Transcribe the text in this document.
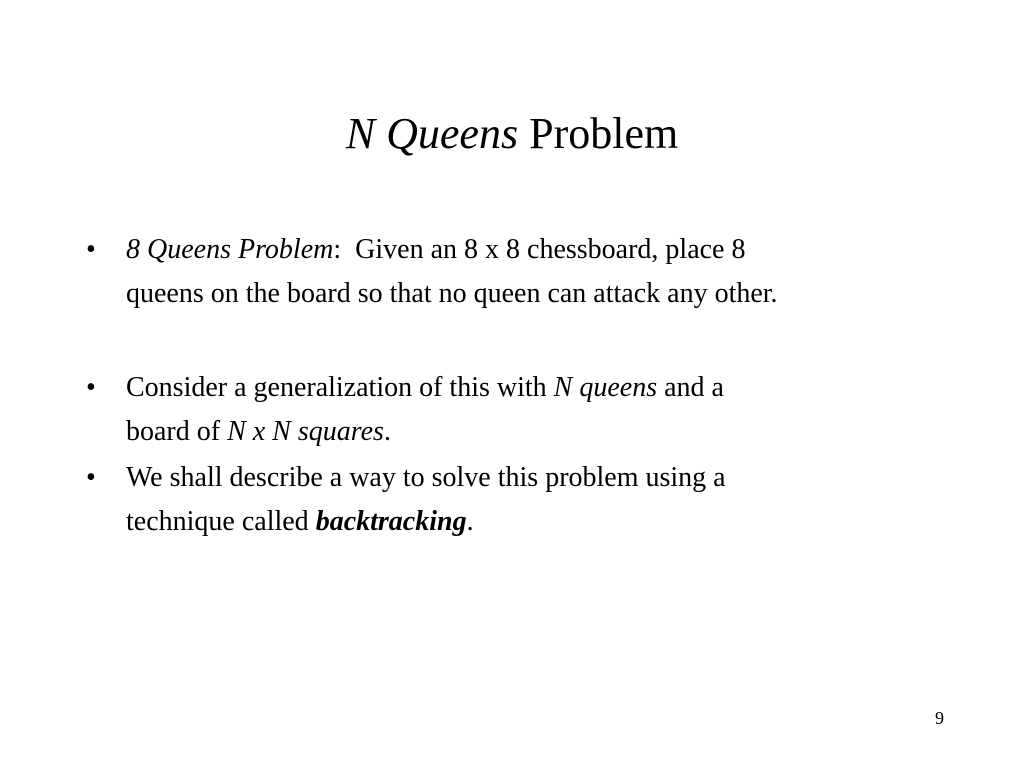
N Queens Problem
•	8 Queens Problem:  Given an 8 x 8 chessboard, place 8
queens on the board so that no queen can attack any other.
•	Consider a generalization of this with N queens and a
board of N x N squares.
•	We shall describe a way to solve this problem using a
technique called backtracking.
9
